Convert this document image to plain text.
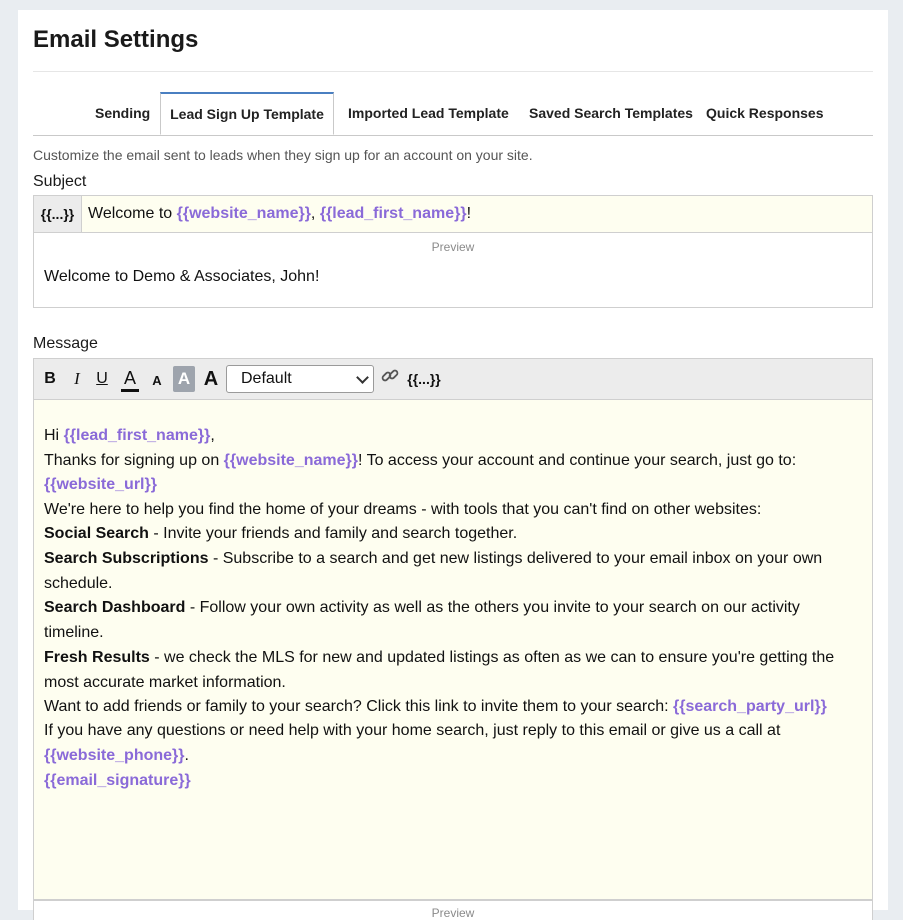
Email Settings
Sending	Lead Sign Up Template	Imported Lead Template Saved Search Templates Quick Responses
Customize the email sent to leads when they sign up for an account on your site.
Subject
{{...}} Welcome to {{website_name}}, {{lead_first_name}}!
Preview
Welcome to Demo & Associates, John!
Message
B I U A A A A	Default	{{...}}
Hi {{lead_first_name}},
Thanks for signing up on {{website_name}}! To access your account and continue your search, just go to:
{{website_url}}
We're here to help you find the home of your dreams - with tools that you can't find on other websites:
Social Search - Invite your friends and family and search together.
Search Subscriptions - Subscribe to a search and get new listings delivered to your email inbox on your own schedule.
Search Dashboard - Follow your own activity as well as the others you invite to your search on our activity timeline.
Fresh Results - we check the MLS for new and updated listings as often as we can to ensure you're getting the most accurate market information.
Want to add friends or family to your search? Click this link to invite them to your search: {{search_party_url}}
If you have any questions or need help with your home search, just reply to this email or give us a call at
{{website_phone}}.
{{email_signature}}
Preview
